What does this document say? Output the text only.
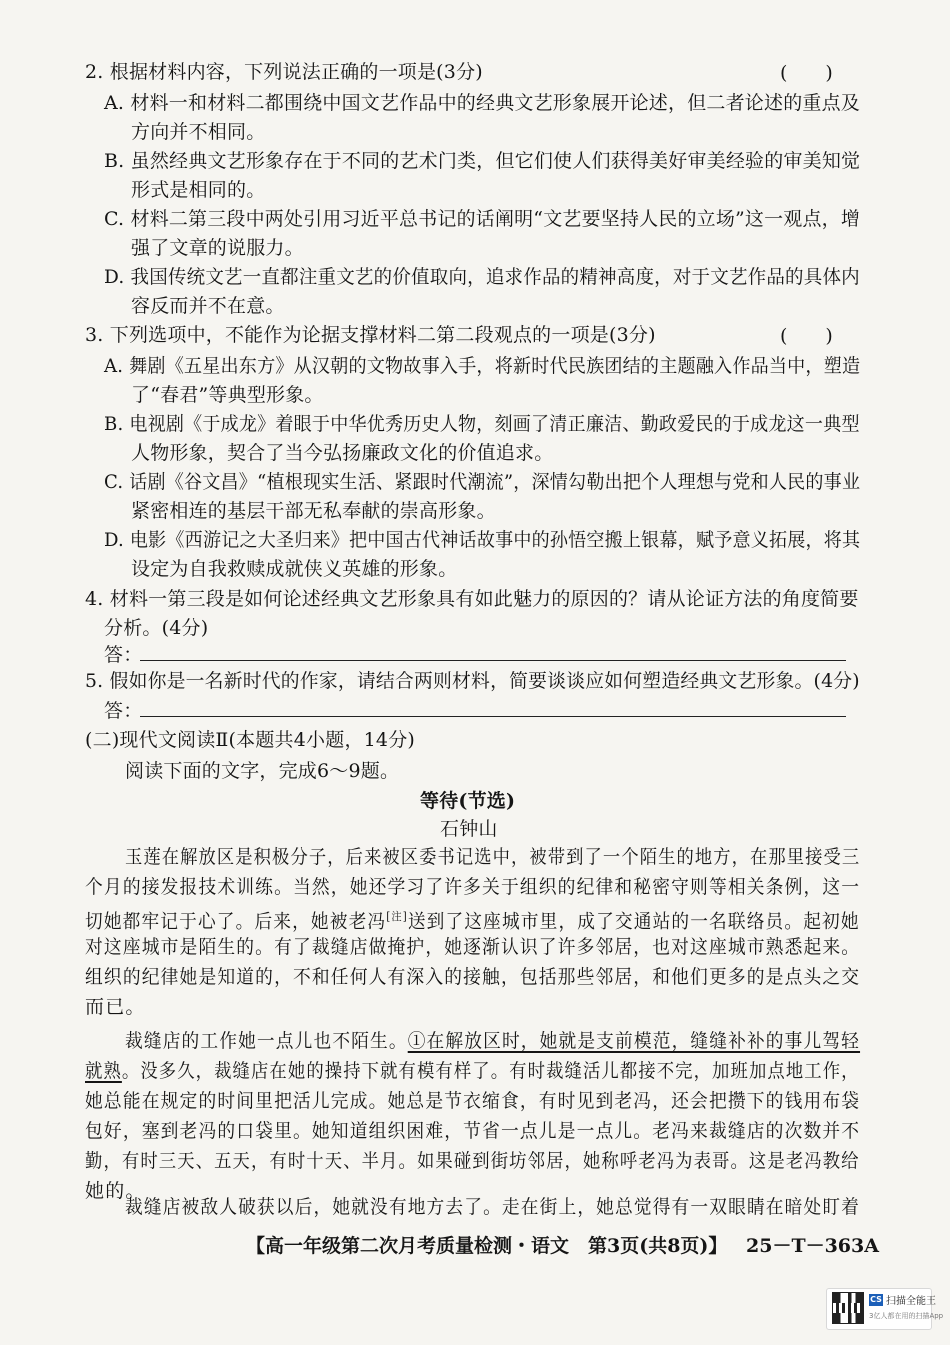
2. 根据材料内容，下列说法正确的一项是(3分)	(　　)
A. 材料一和材料二都围绕中国文艺作品中的经典文艺形象展开论述，但二者论述的重点及
方向并不相同。
B. 虽然经典文艺形象存在于不同的艺术门类，但它们使人们获得美好审美经验的审美知觉
形式是相同的。
C. 材料二第三段中两处引用习近平总书记的话阐明“文艺要坚持人民的立场”这一观点，增
强了文章的说服力。
D. 我国传统文艺一直都注重文艺的价值取向，追求作品的精神高度，对于文艺作品的具体内
容反而并不在意。
3. 下列选项中，不能作为论据支撑材料二第二段观点的一项是(3分)	(　　)
A. 舞剧《五星出东方》从汉朝的文物故事入手，将新时代民族团结的主题融入作品当中，塑造
了“春君”等典型形象。
B. 电视剧《于成龙》着眼于中华优秀历史人物，刻画了清正廉洁、勤政爱民的于成龙这一典型
人物形象，契合了当今弘扬廉政文化的价值追求。
C. 话剧《谷文昌》“植根现实生活、紧跟时代潮流”，深情勾勒出把个人理想与党和人民的事业
紧密相连的基层干部无私奉献的崇高形象。
D. 电影《西游记之大圣归来》把中国古代神话故事中的孙悟空搬上银幕，赋予意义拓展，将其
设定为自我救赎成就侠义英雄的形象。
4. 材料一第三段是如何论述经典文艺形象具有如此魅力的原因的？请从论证方法的角度简要
分析。(4分)
答：
5. 假如你是一名新时代的作家，请结合两则材料，简要谈谈应如何塑造经典文艺形象。(4分)
答：
(二)现代文阅读Ⅱ(本题共4小题，14分)
阅读下面的文字，完成6～9题。
等待(节选)
石钟山
玉莲在解放区是积极分子，后来被区委书记选中，被带到了一个陌生的地方，在那里接受三
个月的接发报技术训练。当然，她还学习了许多关于组织的纪律和秘密守则等相关条例，这一
切她都牢记于心了。后来，她被老冯[注]送到了这座城市里，成了交通站的一名联络员。起初她
对这座城市是陌生的。有了裁缝店做掩护，她逐渐认识了许多邻居，也对这座城市熟悉起来。
组织的纪律她是知道的，不和任何人有深入的接触，包括那些邻居，和他们更多的是点头之交
而已。
裁缝店的工作她一点儿也不陌生。①在解放区时，她就是支前模范，缝缝补补的事儿驾轻
就熟。没多久，裁缝店在她的操持下就有模有样了。有时裁缝活儿都接不完，加班加点地工作，
她总能在规定的时间里把活儿完成。她总是节衣缩食，有时见到老冯，还会把攒下的钱用布袋
包好，塞到老冯的口袋里。她知道组织困难，节省一点儿是一点儿。老冯来裁缝店的次数并不
勤，有时三天、五天，有时十天、半月。如果碰到街坊邻居，她称呼老冯为表哥。这是老冯教给
她的。
裁缝店被敌人破获以后，她就没有地方去了。走在街上，她总觉得有一双眼睛在暗处盯着
【高一年级第二次月考质量检测・语文　第3页(共8页)】 25－T－363A
CS 扫描全能王
3亿人都在用的扫描App
